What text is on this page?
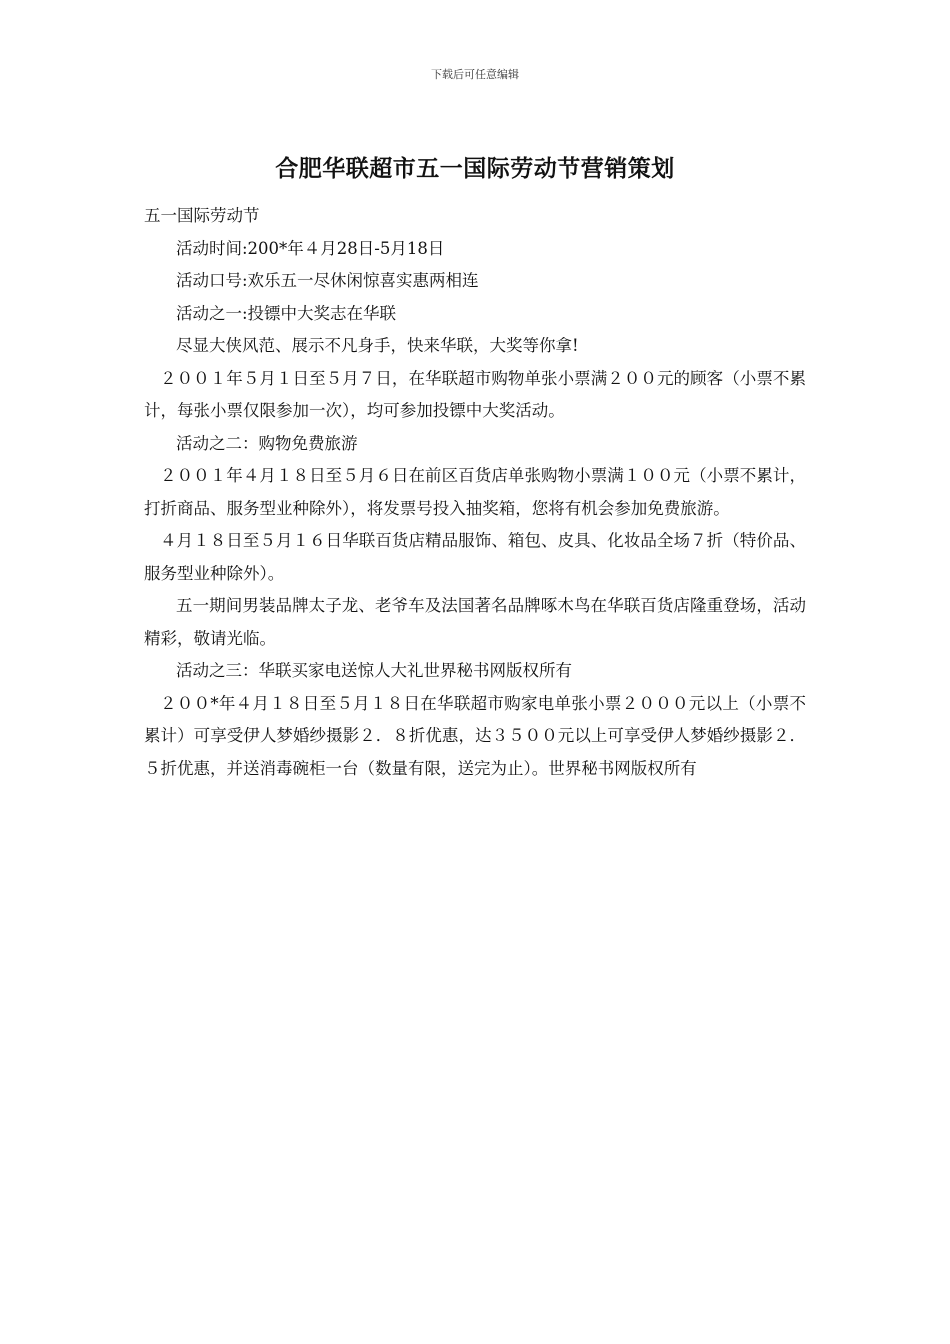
下载后可任意编辑
合肥华联超市五一国际劳动节营销策划

五一国际劳动节

活动时间:200*年４月28日-5月18日

活动口号:欢乐五一尽休闲惊喜实惠两相连

活动之一:投镖中大奖志在华联

尽显大侠风范、展示不凡身手，快来华联，大奖等你拿!

２００１年５月１日至５月７日，在华联超市购物单张小票满２００元的顾客（小票不累计，每张小票仅限参加一次），均可参加投镖中大奖活动。

活动之二：购物免费旅游

２００１年４月１８日至５月６日在前区百货店单张购物小票满１００元（小票不累计，打折商品、服务型业种除外），将发票号投入抽奖箱，您将有机会参加免费旅游。

４月１８日至５月１６日华联百货店精品服饰、箱包、皮具、化妆品全场７折（特价品、服务型业种除外）。

五一期间男装品牌太子龙、老爷车及法国著名品牌啄木鸟在华联百货店隆重登场，活动精彩，敬请光临。

活动之三：华联买家电送惊人大礼世界秘书网版权所有

２００*年４月１８日至５月１８日在华联超市购家电单张小票２０００元以上（小票不累计）可享受伊人梦婚纱摄影２．８折优惠，达３５００元以上可享受伊人梦婚纱摄影２．５折优惠，并送消毒碗柜一台（数量有限，送完为止）。世界秘书网版权所有
